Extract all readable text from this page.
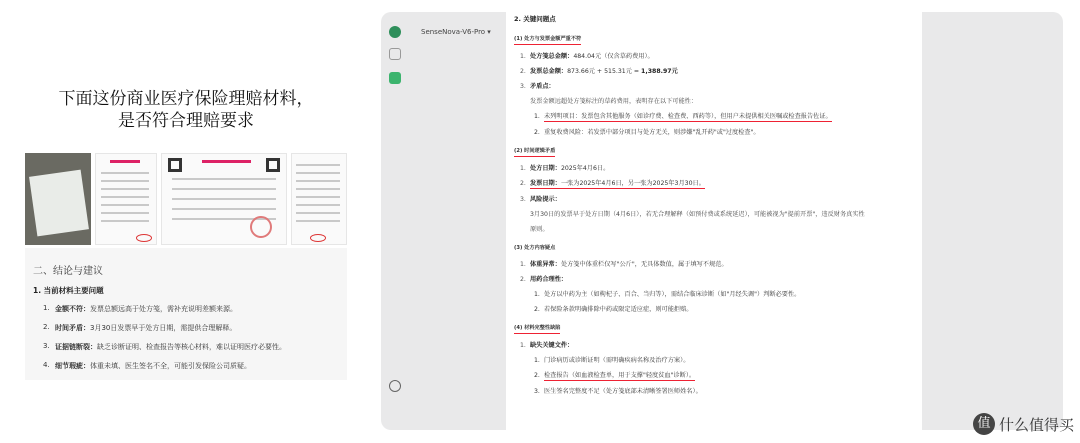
下面这份商业医疗保险理赔材料，
是否符合理赔要求
二、结论与建议
1. 当前材料主要问题
1. 金额不符：发票总额远高于处方笺，需补充说明差额来源。
2. 时间矛盾：3月30日发票早于处方日期，需提供合理解释。
3. 证据链断裂：缺乏诊断证明、检查报告等核心材料，难以证明医疗必要性。
4. 细节瑕疵：体重未填、医生签名不全，可能引发保险公司质疑。
SenseNova-V6-Pro ▾
2. 关键问题点
(1) 处方与发票金额严重不符
1. 处方笺总金额：484.04元（仅含草药费用）。
2. 发票总金额：873.66元 + 515.31元 = 1,388.97元
3. 矛盾点：
发票金额远超处方笺标注的草药费用，表明存在以下可能性：
1. 未列明项目：发票包含其他服务（如诊疗费、检查费、西药等），但用户未提供相关医嘱或检查报告佐证。
2. 重复收费风险：若发票中部分项目与处方无关，则涉嫌"乱开药"或"过度检查"。
(2) 时间逻辑矛盾
1. 处方日期：2025年4月6日。
2. 发票日期：一张为2025年4月6日，另一张为2025年3月30日。
3. 风险提示：
3月30日的发票早于处方日期（4月6日），若无合理解释（如预付费或系统延迟），可能被视为"提前开票"，违反财务真实性
原则。
(3) 处方内容疑点
1. 体重异常：处方笺中体重栏仅写"公斤"，无具体数值，属于填写不规范。
2. 用药合理性：
1. 处方以中药为主（如枸杞子、百合、当归等），需结合临床诊断（如"月经失调"）判断必要性。
2. 若保险条款明确排除中药或限定适应症，则可能拒赔。
(4) 材料完整性缺陷
1. 缺失关键文件：
1. 门诊病历或诊断证明（需明确疾病名称及治疗方案）。
2. 检查报告（如血液检查单，用于支撑"轻度贫血"诊断）。
3. 医生签名完整度不足（处方笺底部未清晰签署医师姓名）。
值 什么值得买
